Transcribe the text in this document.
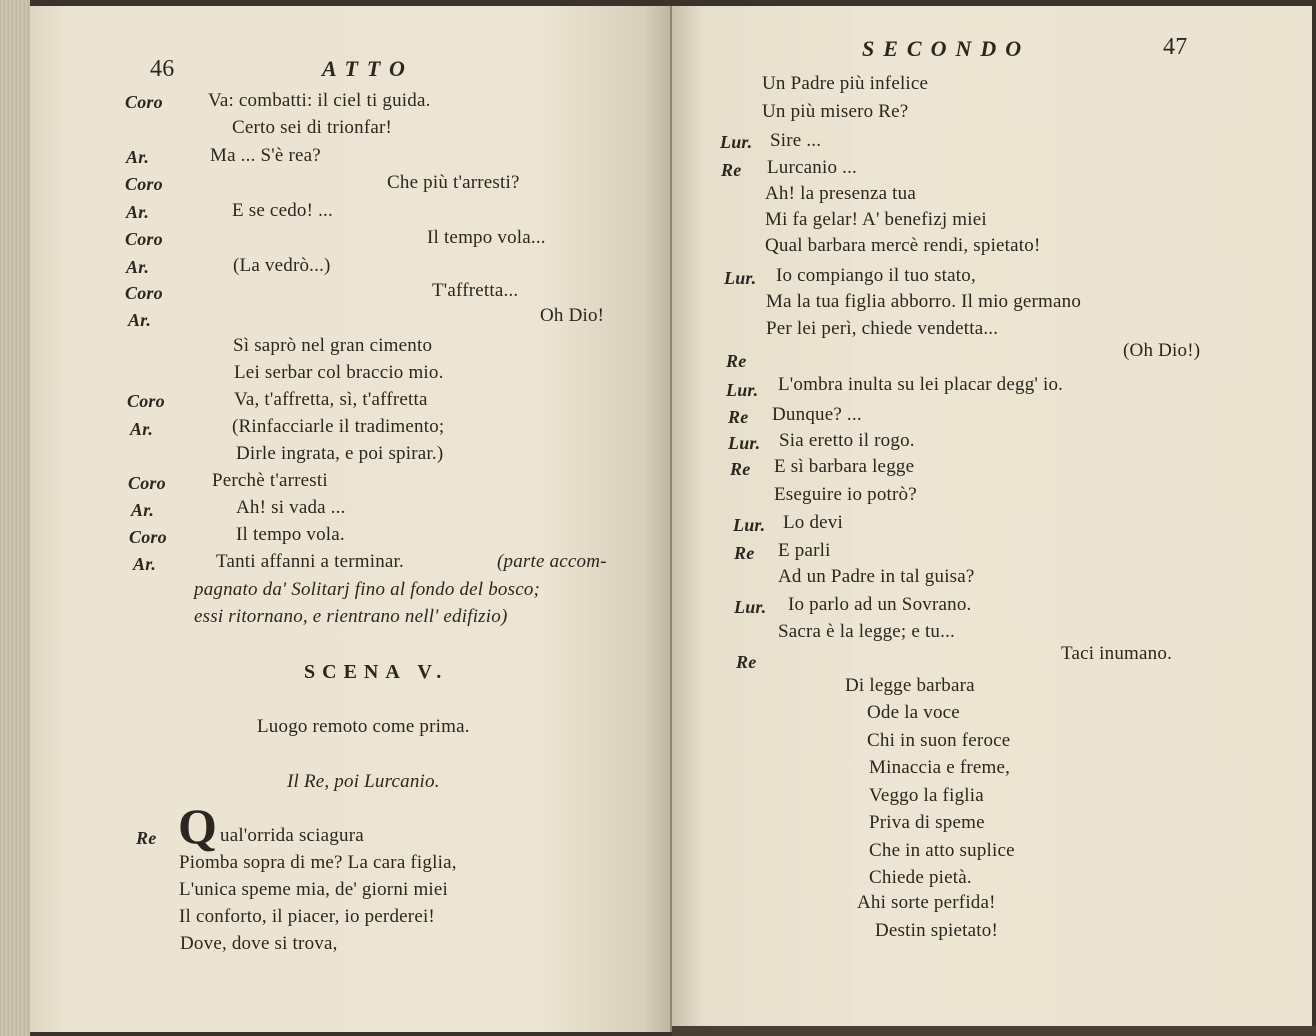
46	ATTO
Coro Va: combatti: il ciel ti guida.
Certo sei di trionfar!
Ar.	Ma ... S'è rea?
Coro	Che più t'arresti?
Ar.	E se cedo! ...
Coro	Il tempo vola...
Ar.	(La vedrò...)
Coro	T'affretta...
Ar.	Oh Dio!
Sì saprò nel gran cimento
Lei serbar col braccio mio.
Coro	Va, t'affretta, sì, t'affretta
Ar.	(Rinfacciarle il tradimento;
Dirle ingrata, e poi spirar.)
Coro Perchè t'arresti
Ar.	Ah! si vada ...
Coro	Il tempo vola.
Ar.	Tanti affanni a terminar.	(parte accom-
pagnato da' Solitarj fino al fondo del bosco;
essi ritornano, e rientrano nell' edifizio)
SCENA V.
Luogo remoto come prima.
Il Re, poi Lurcanio.
Re Q ual'orrida sciagura
Piomba sopra di me? La cara figlia,
L'unica speme mia, de' giorni miei
Il conforto, il piacer, io perderei!
Dove, dove si trova,
SECONDO	47
Un Padre più infelice
Un più misero Re?
Lur. Sire ...
Re Lurcanio ...
Ah! la presenza tua
Mi fa gelar! A' benefizj miei
Qual barbara mercè rendi, spietato!
Lur. Io compiango il tuo stato,
Ma la tua figlia abborro. Il mio germano
Per lei perì, chiede vendetta...
Re	(Oh Dio!)
Lur. L'ombra inulta su lei placar degg' io.
Re Dunque? ...
Lur. Sia eretto il rogo.
Re E sì barbara legge
Eseguire io potrò?
Lur. Lo devi
Re E parli
Ad un Padre in tal guisa?
Lur. Io parlo ad un Sovrano.
Sacra è la legge; e tu...
Re	Taci inumano.
Di legge barbara
Ode la voce
Chi in suon feroce
Minaccia e freme,
Veggo la figlia
Priva di speme
Che in atto suplice
Chiede pietà.
Ahi sorte perfida!
Destin spietato!
